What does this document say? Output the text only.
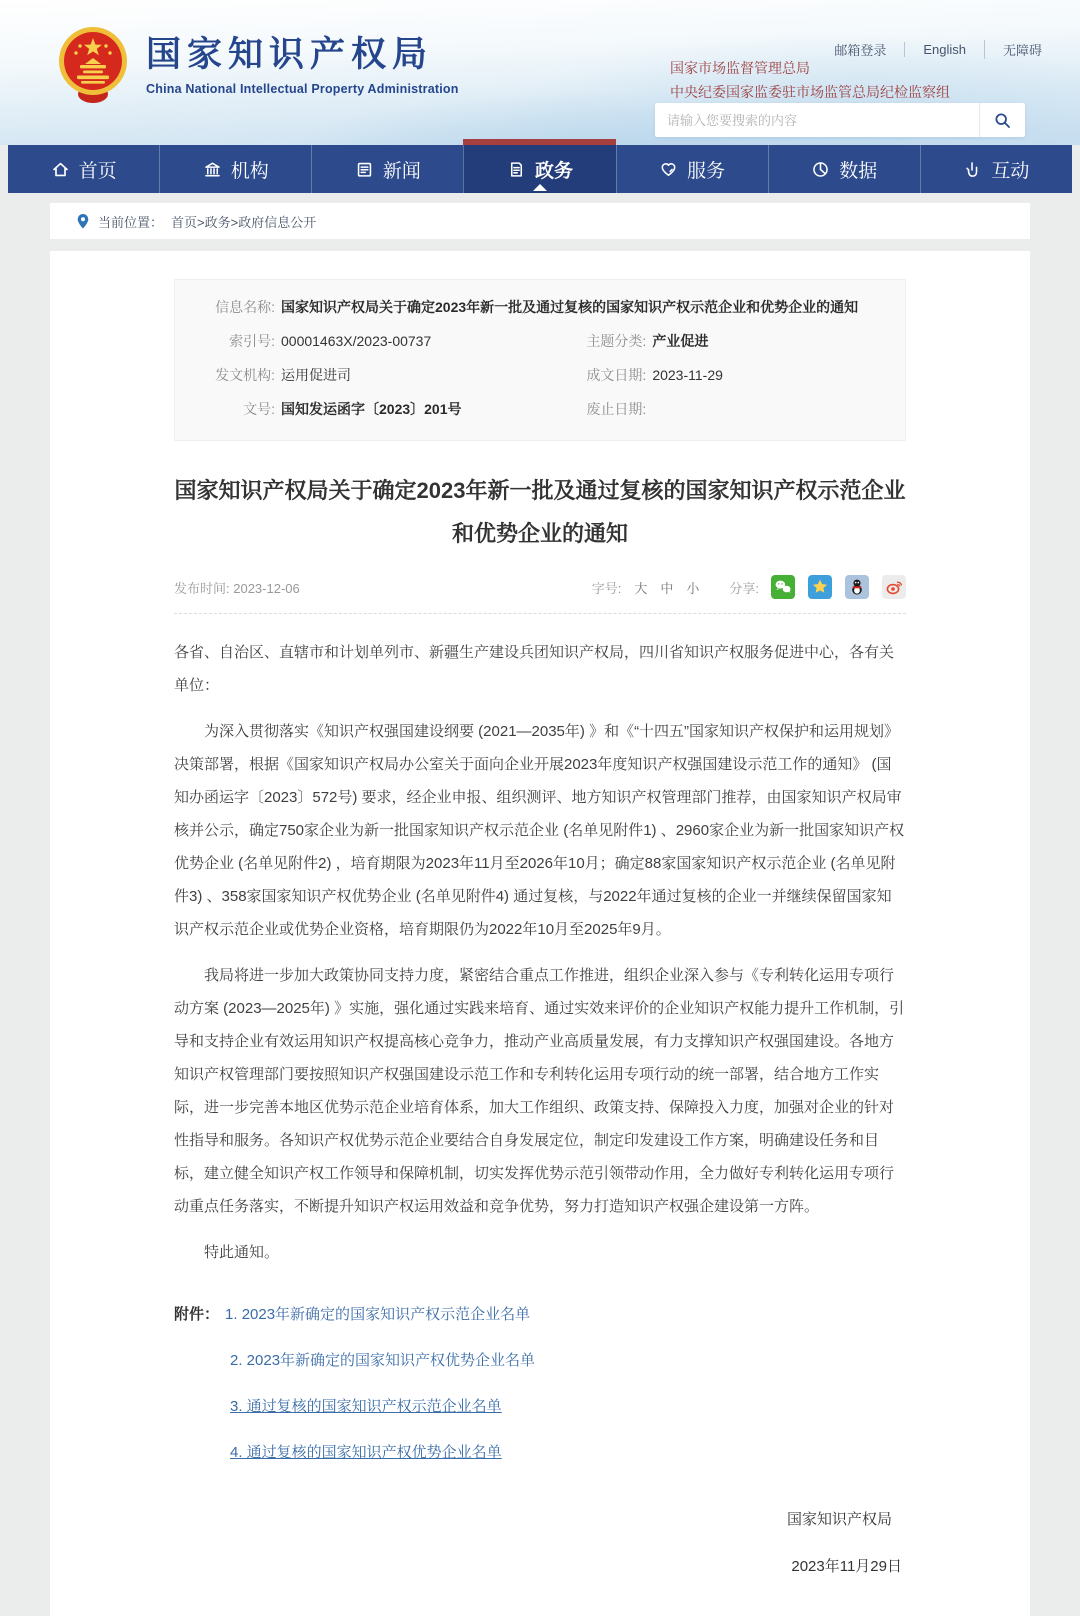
国家知识产权局
China National Intellectual Property Administration
邮箱登录	English	无障碍
国家市场监督管理总局
中央纪委国家监委驻市场监管总局纪检监察组
请输入您要搜索的内容
首页	机构	新闻	政务	服务	数据	互动
当前位置： 首页>政务>政府信息公开
信息名称: 国家知识产权局关于确定2023年新一批及通过复核的国家知识产权示范企业和优势企业的通知
索引号: 00001463X/2023-00737	主题分类: 产业促进
发文机构: 运用促进司	成文日期: 2023-11-29
文号: 国知发运函字〔2023〕201号	废止日期:
国家知识产权局关于确定2023年新一批及通过复核的国家知识产权示范企业
和优势企业的通知
发布时间: 2023-12-06	字号: 大 中 小 分享:

各省、自治区、直辖市和计划单列市、新疆生产建设兵团知识产权局，四川省知识产权服务促进中心，各有关单位：

为深入贯彻落实《知识产权强国建设纲要 (2021—2035年) 》和《“十四五”国家知识产权保护和运用规划》决策部署，根据《国家知识产权局办公室关于面向企业开展2023年度知识产权强国建设示范工作的通知》 (国知办函运字〔2023〕572号) 要求，经企业申报、组织测评、地方知识产权管理部门推荐，由国家知识产权局审核并公示，确定750家企业为新一批国家知识产权示范企业 (名单见附件1) 、2960家企业为新一批国家知识产权优势企业 (名单见附件2) ，培育期限为2023年11月至2026年10月；确定88家国家知识产权示范企业 (名单见附件3) 、358家国家知识产权优势企业 (名单见附件4) 通过复核，与2022年通过复核的企业一并继续保留国家知识产权示范企业或优势企业资格，培育期限仍为2022年10月至2025年9月。

我局将进一步加大政策协同支持力度，紧密结合重点工作推进，组织企业深入参与《专利转化运用专项行动方案 (2023—2025年) 》实施，强化通过实践来培育、通过实效来评价的企业知识产权能力提升工作机制，引导和支持企业有效运用知识产权提高核心竞争力，推动产业高质量发展，有力支撑知识产权强国建设。各地方知识产权管理部门要按照知识产权强国建设示范工作和专利转化运用专项行动的统一部署，结合地方工作实际，进一步完善本地区优势示范企业培育体系，加大工作组织、政策支持、保障投入力度，加强对企业的针对性指导和服务。各知识产权优势示范企业要结合自身发展定位，制定印发建设工作方案，明确建设任务和目标，建立健全知识产权工作领导和保障机制，切实发挥优势示范引领带动作用，全力做好专利转化运用专项行动重点任务落实，不断提升知识产权运用效益和竞争优势，努力打造知识产权强企建设第一方阵。

特此通知。

附件： 1. 2023年新确定的国家知识产权示范企业名单
2. 2023年新确定的国家知识产权优势企业名单
3. 通过复核的国家知识产权示范企业名单
4. 通过复核的国家知识产权优势企业名单
国家知识产权局
2023年11月29日
